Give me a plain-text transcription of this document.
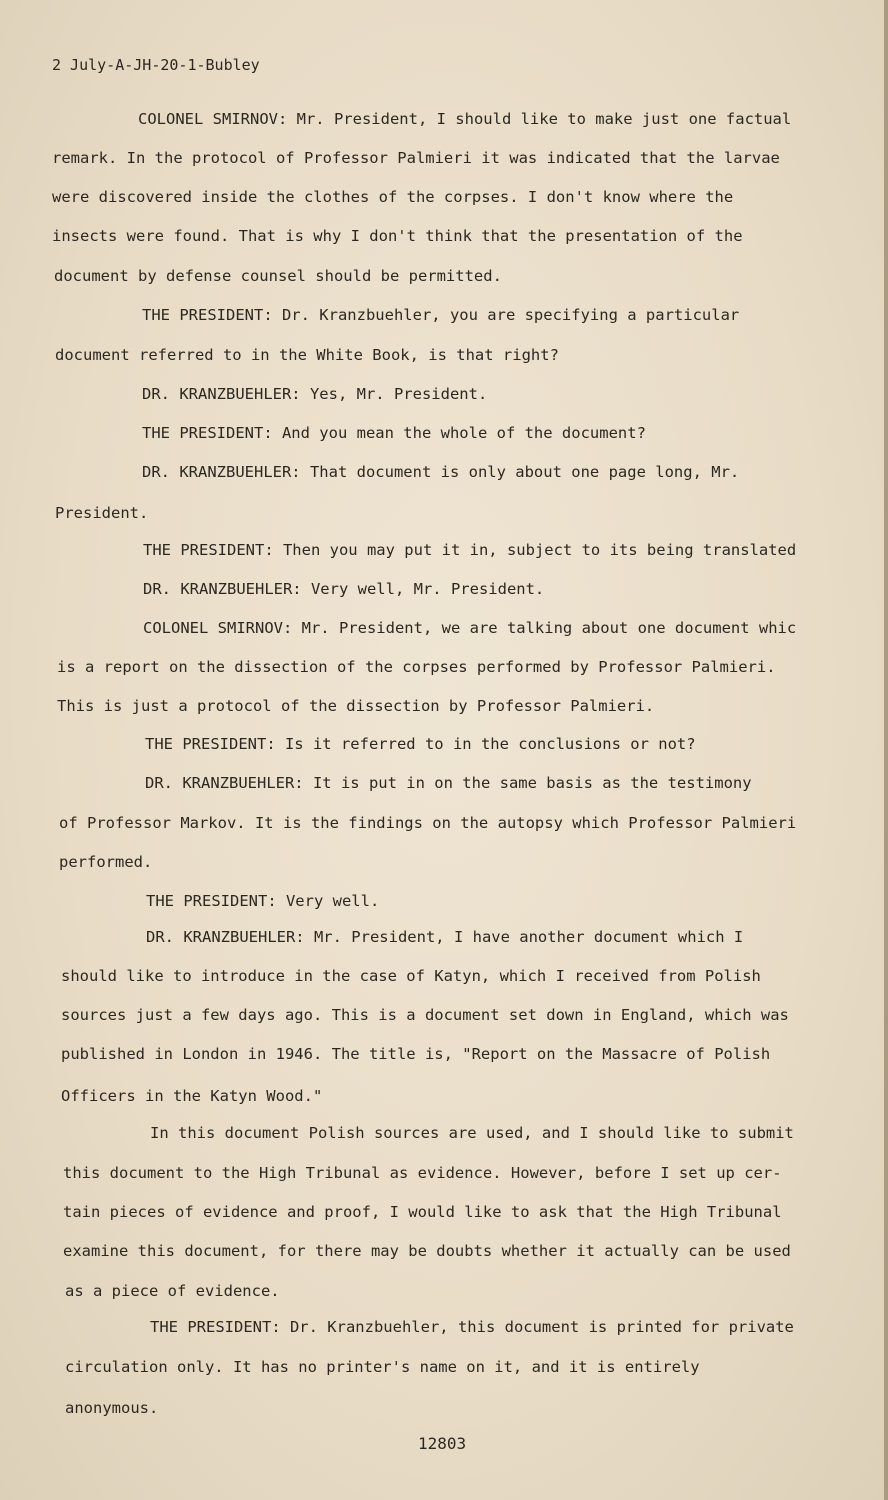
2 July-A-JH-20-1-Bubley
COLONEL SMIRNOV: Mr. President, I should like to make just one factual
remark. In the protocol of Professor Palmieri it was indicated that the larvae
were discovered inside the clothes of the corpses. I don't know where the
insects were found. That is why I don't think that the presentation of the
document by defense counsel should be permitted.
THE PRESIDENT: Dr. Kranzbuehler, you are specifying a particular
document referred to in the White Book, is that right?
DR. KRANZBUEHLER: Yes, Mr. President.
THE PRESIDENT: And you mean the whole of the document?
DR. KRANZBUEHLER: That document is only about one page long, Mr.
President.
THE PRESIDENT: Then you may put it in, subject to its being translated
DR. KRANZBUEHLER: Very well, Mr. President.
COLONEL SMIRNOV: Mr. President, we are talking about one document whic
is a report on the dissection of the corpses performed by Professor Palmieri.
This is just a protocol of the dissection by Professor Palmieri.
THE PRESIDENT: Is it referred to in the conclusions or not?
DR. KRANZBUEHLER: It is put in on the same basis as the testimony
of Professor Markov. It is the findings on the autopsy which Professor Palmieri
performed.
THE PRESIDENT: Very well.
DR. KRANZBUEHLER: Mr. President, I have another document which I
should like to introduce in the case of Katyn, which I received from Polish
sources just a few days ago. This is a document set down in England, which was
published in London in 1946. The title is, "Report on the Massacre of Polish
Officers in the Katyn Wood."
In this document Polish sources are used, and I should like to submit
this document to the High Tribunal as evidence. However, before I set up cer-
tain pieces of evidence and proof, I would like to ask that the High Tribunal
examine this document, for there may be doubts whether it actually can be used
as a piece of evidence.
THE PRESIDENT: Dr. Kranzbuehler, this document is printed for private
circulation only. It has no printer's name on it, and it is entirely
anonymous.
12803
